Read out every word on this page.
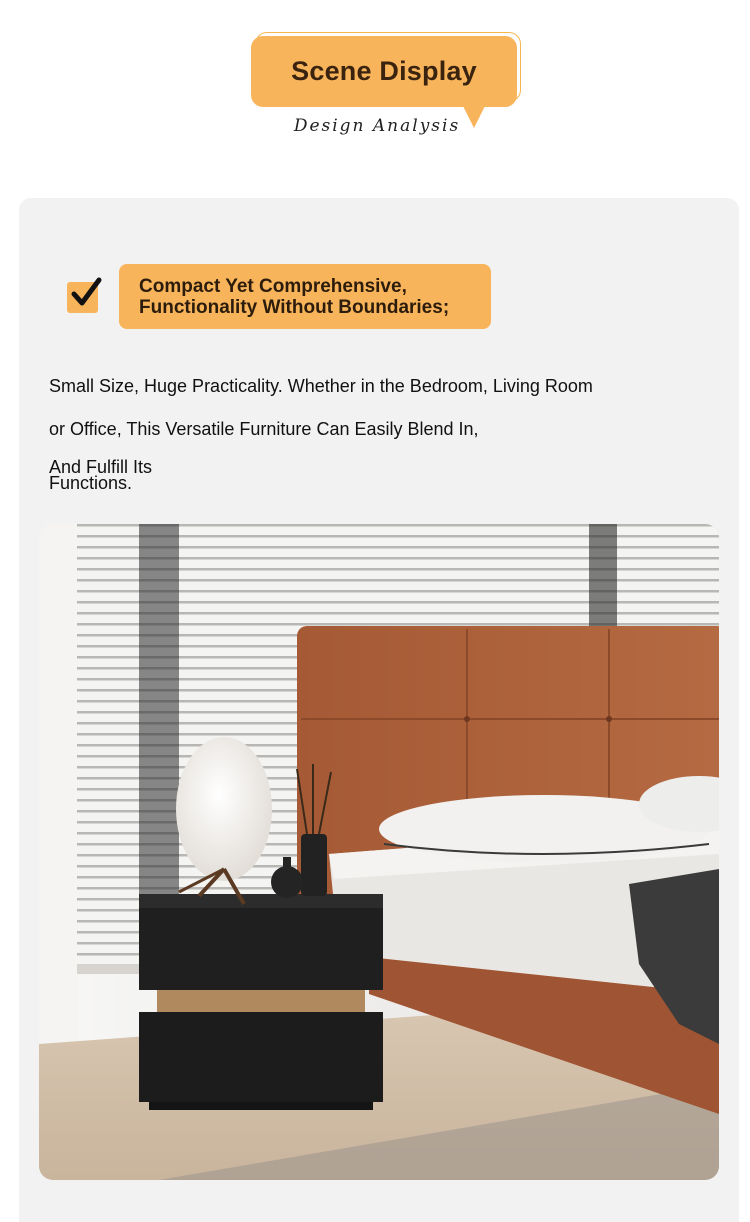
Scene Display
Design Analysis
Compact Yet Comprehensive,
Functionality Without Boundaries;
Small Size, Huge Practicality. Whether in the Bedroom, Living Room
or Office, This Versatile Furniture Can Easily Blend In,
And Fulfill Its
Functions.
